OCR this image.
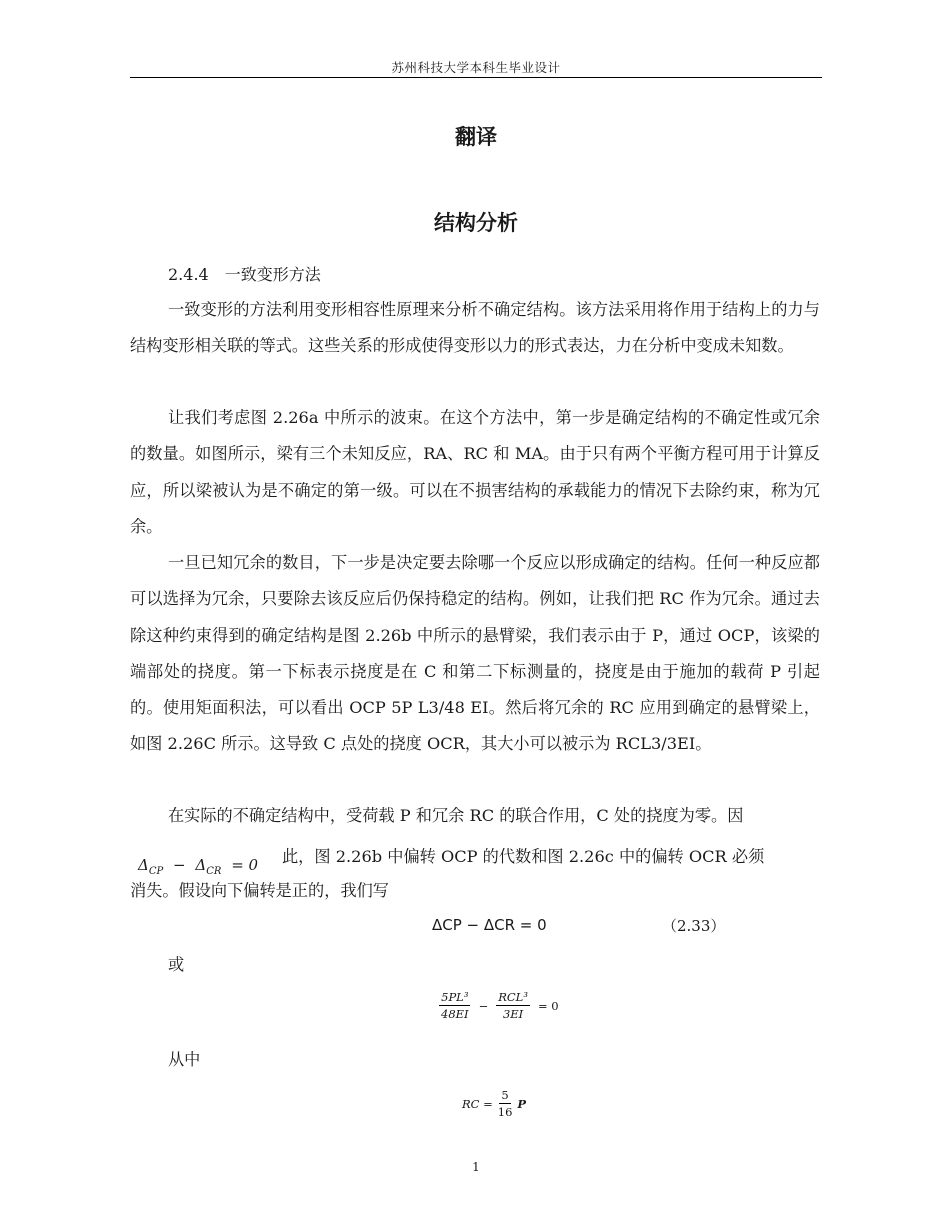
苏州科技大学本科生毕业设计
翻译
结构分析
2.4.4　一致变形方法
一致变形的方法利用变形相容性原理来分析不确定结构。该方法采用将作用于结构上的力与结构变形相关联的等式。这些关系的形成使得变形以力的形式表达，力在分析中变成未知数。
让我们考虑图 2.26a 中所示的波束。在这个方法中，第一步是确定结构的不确定性或冗余的数量。如图所示，梁有三个未知反应，RA、RC 和 MA。由于只有两个平衡方程可用于计算反应，所以梁被认为是不确定的第一级。可以在不损害结构的承载能力的情况下去除约束，称为冗余。
一旦已知冗余的数目，下一步是决定要去除哪一个反应以形成确定的结构。任何一种反应都可以选择为冗余，只要除去该反应后仍保持稳定的结构。例如，让我们把 RC 作为冗余。通过去除这种约束得到的确定结构是图 2.26b 中所示的悬臂梁，我们表示由于 P，通过 OCP，该梁的端部处的挠度。第一下标表示挠度是在 C 和第二下标测量的，挠度是由于施加的载荷 P 引起的。使用矩面积法，可以看出 OCP 5P L3/48 EI。然后将冗余的 RC 应用到确定的悬臂梁上，如图 2.26C 所示。这导致 C 点处的挠度 OCR，其大小可以被示为 RCL3/3EI。
在实际的不确定结构中，受荷载 P 和冗余 RC 的联合作用，C 处的挠度为零。因
$\Delta_{CP} - \Delta_{CR} = 0$	此，图 2.26b 中偏转 OCP 的代数和图 2.26c 中的偏转 OCR 必须
消失。假设向下偏转是正的，我们写
ΔCP − ΔCR = 0	（2.33）
或
$\frac{\text{5PL³}}{48EI} - \frac{\text{RCL³}}{3EI} = 0$
从中
RC = $\frac{5}{16}$ P
1
